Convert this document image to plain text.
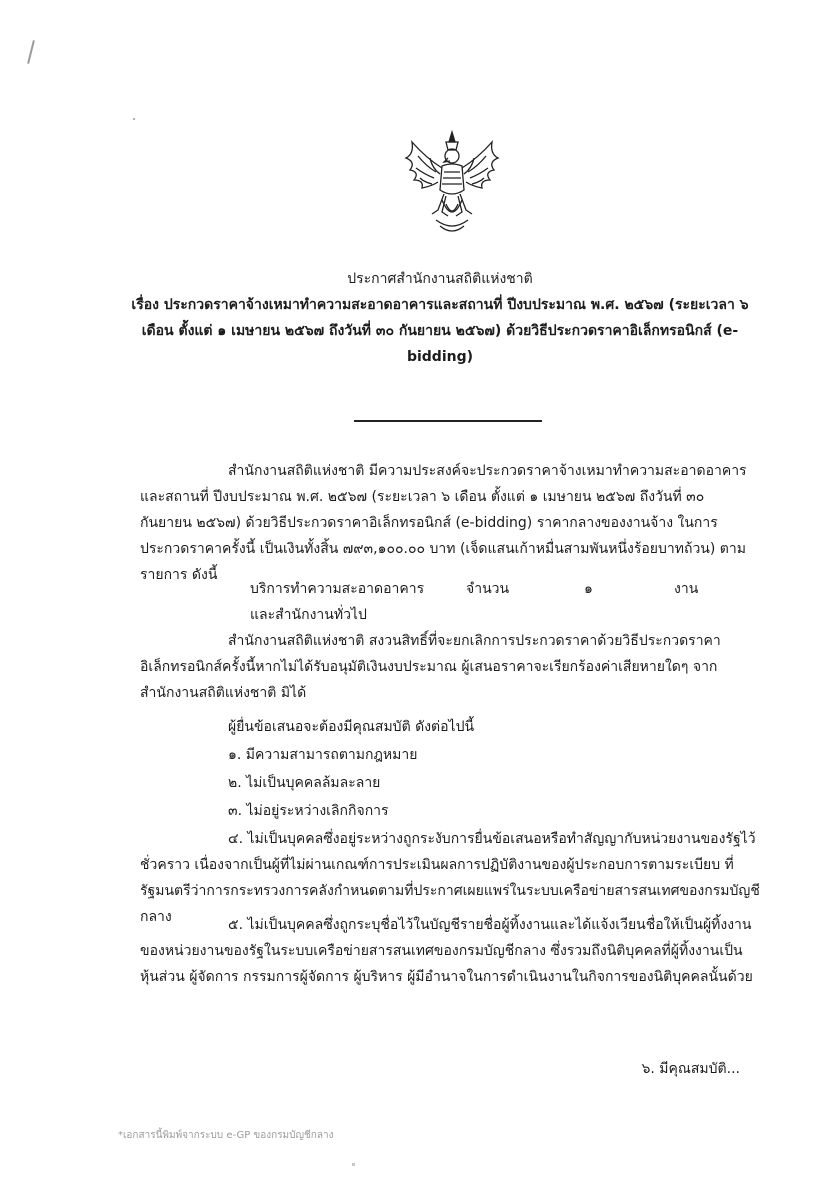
ประกาศสำนักงานสถิติแห่งชาติ
เรื่อง ประกวดราคาจ้างเหมาทำความสะอาดอาคารและสถานที่ ปีงบประมาณ พ.ศ. ๒๕๖๗ (ระยะเวลา ๖ เดือน ตั้งแต่ ๑ เมษายน ๒๕๖๗ ถึงวันที่ ๓๐ กันยายน ๒๕๖๗) ด้วยวิธีประกวดราคาอิเล็กทรอนิกส์ (e-bidding)
สำนักงานสถิติแห่งชาติ มีความประสงค์จะประกวดราคาจ้างเหมาทำความสะอาดอาคารและสถานที่ ปีงบประมาณ พ.ศ. ๒๕๖๗ (ระยะเวลา ๖ เดือน ตั้งแต่ ๑ เมษายน ๒๕๖๗ ถึงวันที่ ๓๐ กันยายน ๒๕๖๗) ด้วยวิธีประกวดราคาอิเล็กทรอนิกส์ (e-bidding) ราคากลางของงานจ้าง ในการประกวดราคาครั้งนี้ เป็นเงินทั้งสิ้น ๗๙๓,๑๐๐.๐๐ บาท (เจ็ดแสนเก้าหมื่นสามพันหนึ่งร้อยบาทถ้วน) ตามรายการ ดังนี้
บริการทำความสะอาดอาคาร	จำนวน	๑	งาน
และสำนักงานทั่วไป
สำนักงานสถิติแห่งชาติ สงวนสิทธิ์ที่จะยกเลิกการประกวดราคาด้วยวิธีประกวดราคา อิเล็กทรอนิกส์ครั้งนี้หากไม่ได้รับอนุมัติเงินงบประมาณ ผู้เสนอราคาจะเรียกร้องค่าเสียหายใดๆ จากสำนักงานสถิติแห่งชาติ มิได้
ผู้ยื่นข้อเสนอจะต้องมีคุณสมบัติ ดังต่อไปนี้
๑. มีความสามารถตามกฎหมาย
๒. ไม่เป็นบุคคลล้มละลาย
๓. ไม่อยู่ระหว่างเลิกกิจการ
๔. ไม่เป็นบุคคลซึ่งอยู่ระหว่างถูกระงับการยื่นข้อเสนอหรือทำสัญญากับหน่วยงานของรัฐไว้ชั่วคราว เนื่องจากเป็นผู้ที่ไม่ผ่านเกณฑ์การประเมินผลการปฏิบัติงานของผู้ประกอบการตามระเบียบ ที่รัฐมนตรีว่าการกระทรวงการคลังกำหนดตามที่ประกาศเผยแพร่ในระบบเครือข่ายสารสนเทศของกรมบัญชีกลาง	๕. ไม่เป็นบุคคลซึ่งถูกระบุชื่อไว้ในบัญชีรายชื่อผู้ทิ้งงานและได้แจ้งเวียนชื่อให้เป็นผู้ทิ้งงานของหน่วยงานของรัฐในระบบเครือข่ายสารสนเทศของกรมบัญชีกลาง ซึ่งรวมถึงนิติบุคคลที่ผู้ทิ้งงานเป็นหุ้นส่วน ผู้จัดการ กรรมการผู้จัดการ ผู้บริหาร ผู้มีอำนาจในการดำเนินงานในกิจการของนิติบุคคลนั้นด้วย
๖. มีคุณสมบัติ...
*เอกสารนี้พิมพ์จากระบบ e-GP ของกรมบัญชีกลาง
